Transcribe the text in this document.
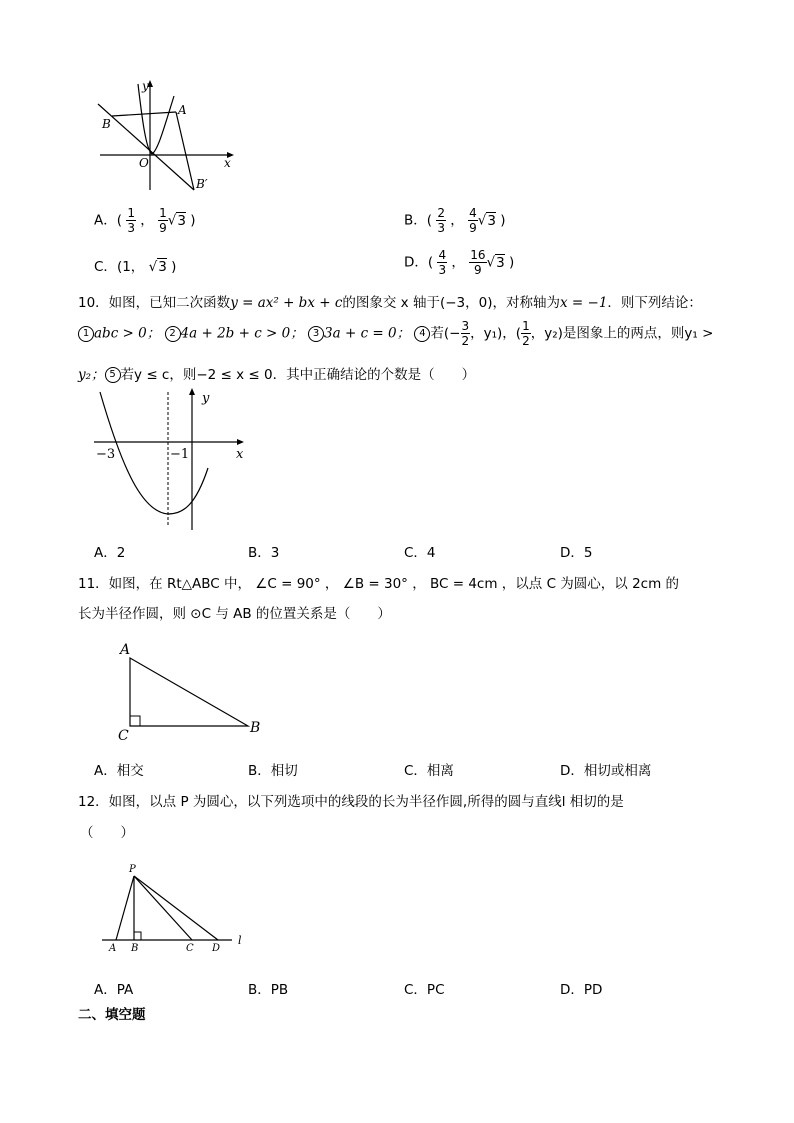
y
A
B
O	x
B′
A．( $\frac{1}{3}$ ， $\frac{1}{9} √3$ )	B．( $\frac{2}{3}$ ， $\frac{4}{9} √3$ )
C．(1， √3 )	D．( $\frac{4}{3}$ ， $\frac{16}{9} √3$ )
10．如图，已知二次函数y = ax² + bx + c的图象交 x 轴于(−3，0)，对称轴为x = −1．则下列结论：
1 abc > 0； 2 4a + 2b + c > 0； 3 3a + c = 0； 4 若(− $\frac{3}{2}$ ，y₁)，( $\frac{1}{2}$ ，y₂)是图象上的两点，则y₁ >
y₂； 5 若y ≤ c，则−2 ≤ x ≤ 0．其中正确结论的个数是（　　）
y
x
−3	−1
A．2	B．3	C．4	D．5
11．如图，在 Rt△ABC 中， ∠C = 90° ， ∠B = 30° ， BC = 4cm ，以点 C 为圆心，以 2cm 的
长为半径作圆，则 ⊙C 与 AB 的位置关系是（　　）
A
B
C
A．相交	B．相切	C．相离	D．相切或相离
12．如图，以点 P 为圆心，以下列选项中的线段的长为半径作圆,所得的圆与直线l 相切的是
（　　）
P
A B	C D
l
A．PA	B．PB	C．PC	D．PD
二、填空题
